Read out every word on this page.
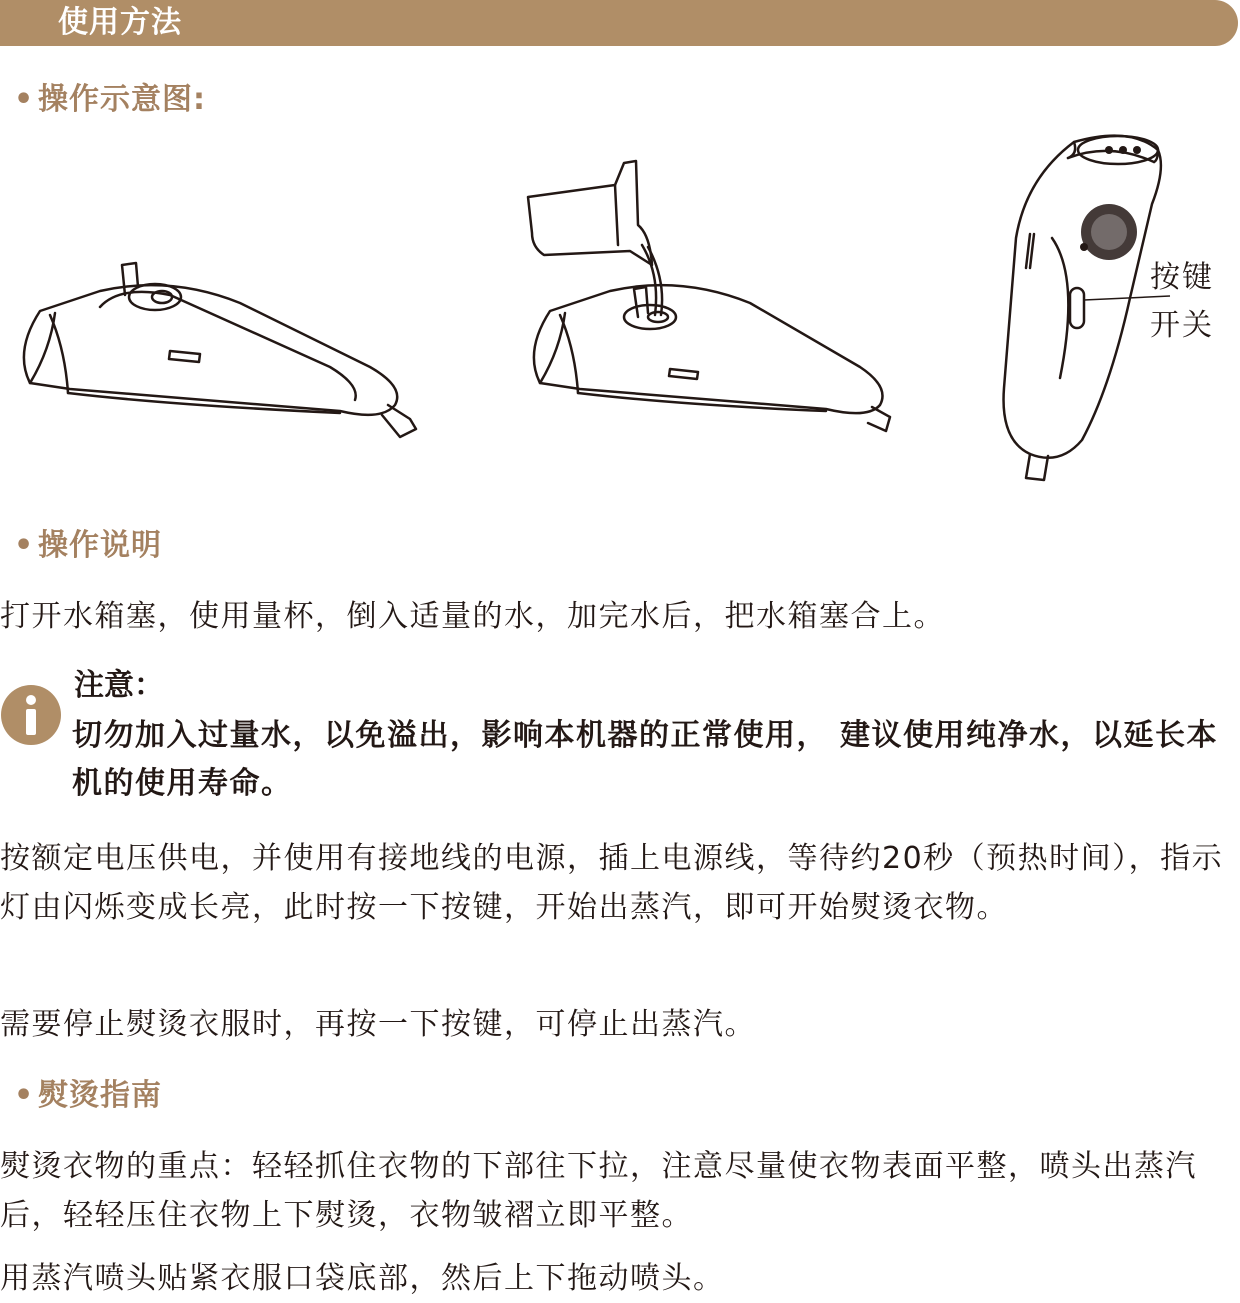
使用方法
• 操作示意图:
按键
开关
• 操作说明

打开水箱塞，使用量杯，倒入适量的水，加完水后，把水箱塞合上。

注意：

切勿加入过量水，以免溢出，影响本机器的正常使用， 建议使用纯净水，以延长本机的使用寿命。

按额定电压供电，并使用有接地线的电源，插上电源线，等待约20秒（预热时间），指示灯由闪烁变成长亮，此时按一下按键，开始出蒸汽，即可开始熨烫衣物。

需要停止熨烫衣服时，再按一下按键，可停止出蒸汽。

• 熨烫指南

熨烫衣物的重点：轻轻抓住衣物的下部往下拉，注意尽量使衣物表面平整，喷头出蒸汽后，轻轻压住衣物上下熨烫，衣物皱褶立即平整。

用蒸汽喷头贴紧衣服口袋底部，然后上下拖动喷头。
